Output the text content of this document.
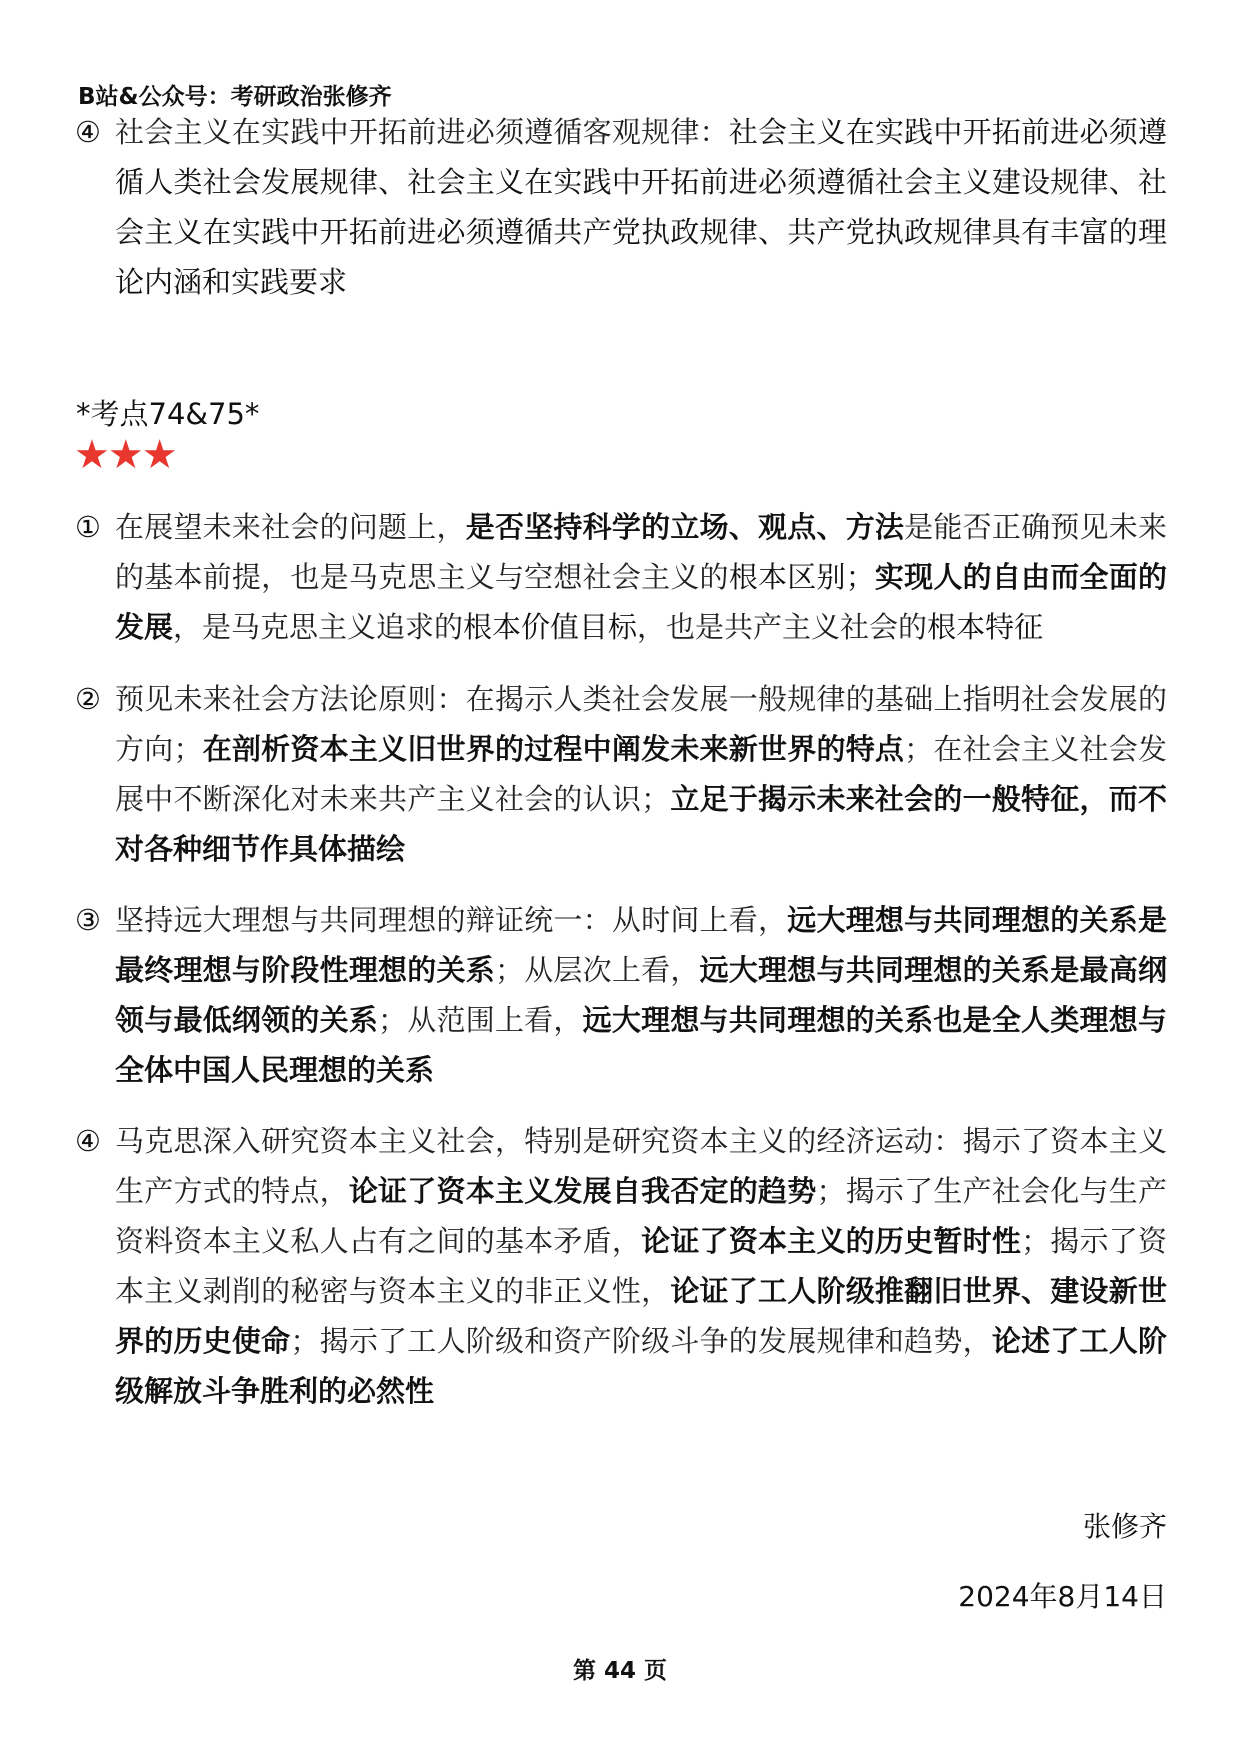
B站&公众号：考研政治张修齐
④ 社会主义在实践中开拓前进必须遵循客观规律：社会主义在实践中开拓前进必须遵循人类社会发展规律、社会主义在实践中开拓前进必须遵循社会主义建设规律、社会主义在实践中开拓前进必须遵循共产党执政规律、共产党执政规律具有丰富的理论内涵和实践要求
*考点74&75*
★★★
① 在展望未来社会的问题上，是否坚持科学的立场、观点、方法是能否正确预见未来的基本前提，也是马克思主义与空想社会主义的根本区别；实现人的自由而全面的发展，是马克思主义追求的根本价值目标，也是共产主义社会的根本特征
② 预见未来社会方法论原则：在揭示人类社会发展一般规律的基础上指明社会发展的方向；在剖析资本主义旧世界的过程中阐发未来新世界的特点；在社会主义社会发展中不断深化对未来共产主义社会的认识；立足于揭示未来社会的一般特征，而不对各种细节作具体描绘
③ 坚持远大理想与共同理想的辩证统一：从时间上看，远大理想与共同理想的关系是最终理想与阶段性理想的关系；从层次上看，远大理想与共同理想的关系是最高纲领与最低纲领的关系；从范围上看，远大理想与共同理想的关系也是全人类理想与全体中国人民理想的关系
④ 马克思深入研究资本主义社会，特别是研究资本主义的经济运动：揭示了资本主义生产方式的特点，论证了资本主义发展自我否定的趋势；揭示了生产社会化与生产资料资本主义私人占有之间的基本矛盾，论证了资本主义的历史暂时性；揭示了资本主义剥削的秘密与资本主义的非正义性，论证了工人阶级推翻旧世界、建设新世界的历史使命；揭示了工人阶级和资产阶级斗争的发展规律和趋势，论述了工人阶级解放斗争胜利的必然性
张修齐
2024年8月14日
第 44 页
